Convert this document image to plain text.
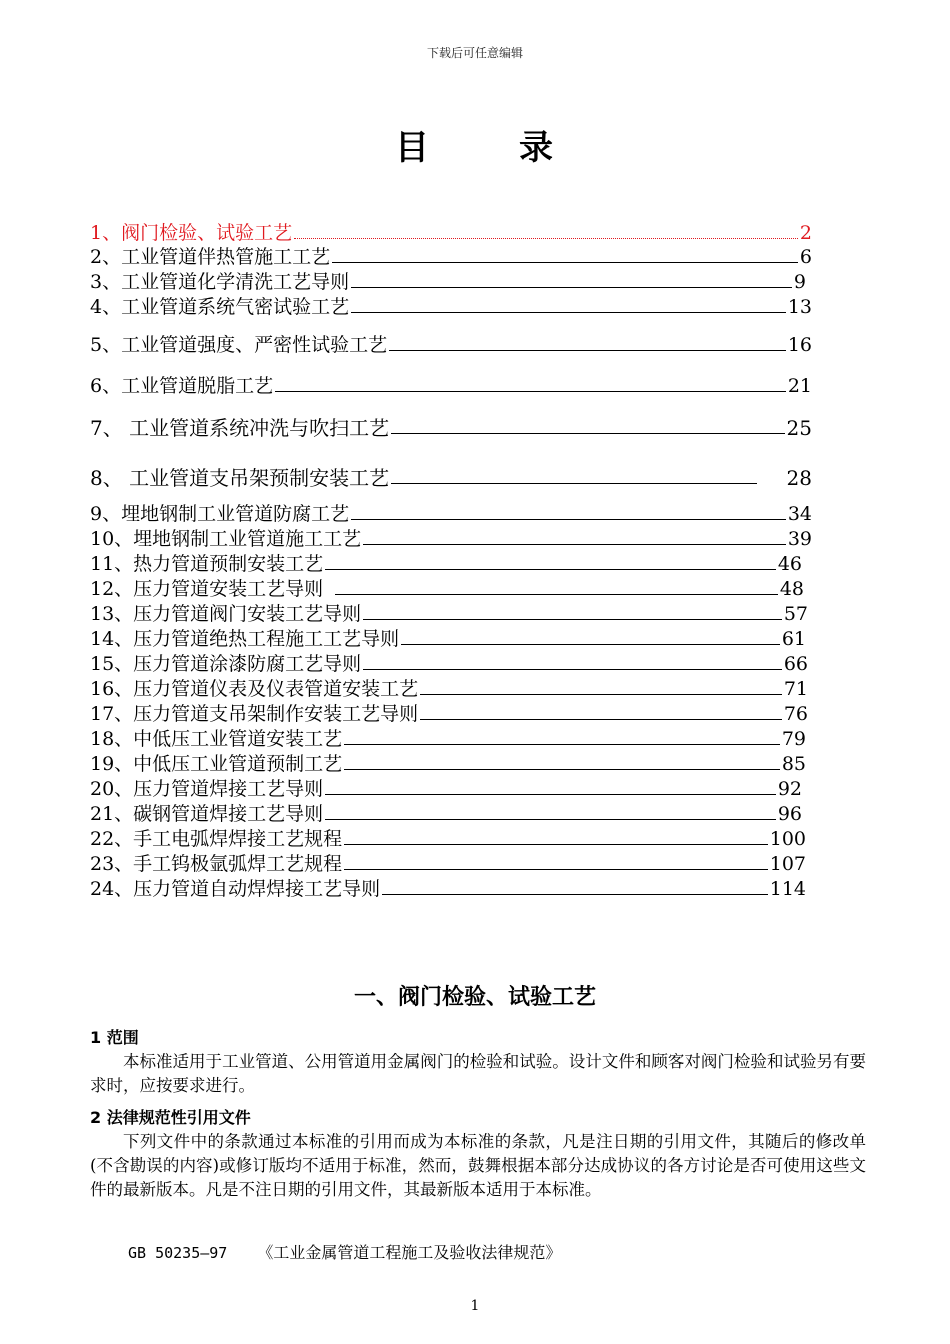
下载后可任意编辑
目	录
1、阀门检验、试验工艺	2
2、工业管道伴热管施工工艺	6
3、工业管道化学清洗工艺导则	9
4、工业管道系统气密试验工艺	13
5、工业管道强度、严密性试验工艺	16
6、工业管道脱脂工艺	21
7、 工业管道系统冲洗与吹扫工艺	25
8、 工业管道支吊架预制安装工艺	28
9、埋地钢制工业管道防腐工艺	34
10、埋地钢制工业管道施工工艺	39
11、热力管道预制安装工艺	46
12、压力管道安装工艺导则	48
13、压力管道阀门安装工艺导则	57
14、压力管道绝热工程施工工艺导则	61
15、压力管道涂漆防腐工艺导则	66
16、压力管道仪表及仪表管道安装工艺	71
17、压力管道支吊架制作安装工艺导则	76
18、中低压工业管道安装工艺	79
19、中低压工业管道预制工艺	85
20、压力管道焊接工艺导则	92
21、碳钢管道焊接工艺导则	96
22、手工电弧焊焊接工艺规程	100
23、手工钨极氩弧焊工艺规程	107
24、压力管道自动焊焊接工艺导则	114
一、阀门检验、试验工艺
1 范围
本标准适用于工业管道、公用管道用金属阀门的检验和试验。设计文件和顾客对阀门检验和试验另有要求时，应按要求进行。
2 法律规范性引用文件
下列文件中的条款通过本标准的引用而成为本标准的条款，凡是注日期的引用文件，其随后的修改单(不含勘误的内容)或修订版均不适用于标准，然而，鼓舞根据本部分达成协议的各方讨论是否可使用这些文件的最新版本。凡是不注日期的引用文件，其最新版本适用于本标准。
GB 50235—97 《工业金属管道工程施工及验收法律规范》
1
